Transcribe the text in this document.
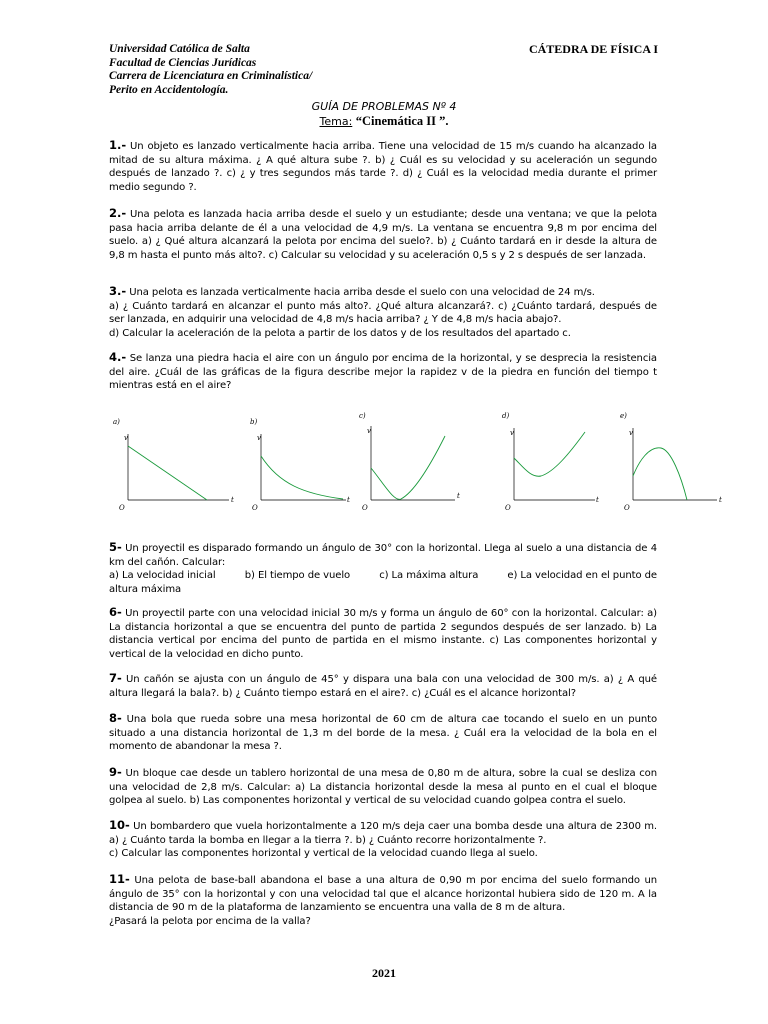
Universidad Católica de Salta
Facultad de Ciencias Jurídicas
Carrera de Licenciatura en Criminalística/
Perito en Accidentología.
CÁTEDRA DE FÍSICA I
GUÍA DE PROBLEMAS Nº 4
Tema: “Cinemática II ”.

1.- Un objeto es lanzado verticalmente hacia arriba. Tiene una velocidad de 15 m/s cuando ha alcanzado la mitad de su altura máxima. ¿ A qué altura sube ?. b) ¿ Cuál es su velocidad y su aceleración un segundo después de lanzado ?. c) ¿ y tres segundos más tarde ?. d) ¿ Cuál es la velocidad media durante el primer medio segundo ?.

2.- Una pelota es lanzada hacia arriba desde el suelo y un estudiante; desde una ventana; ve que la pelota pasa hacia arriba delante de él a una velocidad de 4,9 m/s. La ventana se encuentra 9,8 m por encima del suelo. a) ¿ Qué altura alcanzará la pelota por encima del suelo?. b) ¿ Cuánto tardará en ir desde la altura de 9,8 m hasta el punto más alto?. c) Calcular su velocidad y su aceleración 0,5 s y 2 s después de ser lanzada.

3.- Una pelota es lanzada verticalmente hacia arriba desde el suelo con una velocidad de 24 m/s.

a) ¿ Cuánto tardará en alcanzar el punto más alto?. ¿Qué altura alcanzará?. c) ¿Cuánto tardará, después de ser lanzada, en adquirir una velocidad de 4,8 m/s hacia arriba? ¿ Y de 4,8 m/s hacia abajo?.

d) Calcular la aceleración de la pelota a partir de los datos y de los resultados del apartado c.

4.- Se lanza una piedra hacia el aire con un ángulo por encima de la horizontal, y se desprecia la resistencia del aire. ¿Cuál de las gráficas de la figura describe mejor la rapidez v de la piedra en función del tiempo t mientras está en el aire?

a)
v
t
O
b)
v
t
O
c)
v
t
O
d)
v
t
O
e)
v
t
O

5- Un proyectil es disparado formando un ángulo de 30° con la horizontal. Llega al suelo a una distancia de 4 km del cañón. Calcular:

a) La velocidad inicial	b) El tiempo de vuelo	c) La máxima altura	e) La velocidad en el punto de

altura máxima

6- Un proyectil parte con una velocidad inicial 30 m/s y forma un ángulo de 60° con la horizontal. Calcular: a) La distancia horizontal a que se encuentra del punto de partida 2 segundos después de ser lanzado. b) La distancia vertical por encima del punto de partida en el mismo instante. c) Las componentes horizontal y vertical de la velocidad en dicho punto.

7- Un cañón se ajusta con un ángulo de 45° y dispara una bala con una velocidad de 300 m/s. a) ¿ A qué altura llegará la bala?. b) ¿ Cuánto tiempo estará en el aire?. c) ¿Cuál es el alcance horizontal?

8- Una bola que rueda sobre una mesa horizontal de 60 cm de altura cae tocando el suelo en un punto situado a una distancia horizontal de 1,3 m del borde de la mesa. ¿ Cuál era la velocidad de la bola en el momento de abandonar la mesa ?.

9- Un bloque cae desde un tablero horizontal de una mesa de 0,80 m de altura, sobre la cual se desliza con una velocidad de 2,8 m/s. Calcular: a) La distancia horizontal desde la mesa al punto en el cual el bloque golpea al suelo. b) Las componentes horizontal y vertical de su velocidad cuando golpea contra el suelo.

10- Un bombardero que vuela horizontalmente a 120 m/s deja caer una bomba desde una altura de 2300 m. a) ¿ Cuánto tarda la bomba en llegar a la tierra ?. b) ¿ Cuánto recorre horizontalmente ?.

c) Calcular las componentes horizontal y vertical de la velocidad cuando llega al suelo.

11- Una pelota de base-ball abandona el base a una altura de 0,90 m por encima del suelo formando un ángulo de 35° con la horizontal y con una velocidad tal que el alcance horizontal hubiera sido de 120 m. A la distancia de 90 m de la plataforma de lanzamiento se encuentra una valla de 8 m de altura.

¿Pasará la pelota por encima de la valla?

2021
